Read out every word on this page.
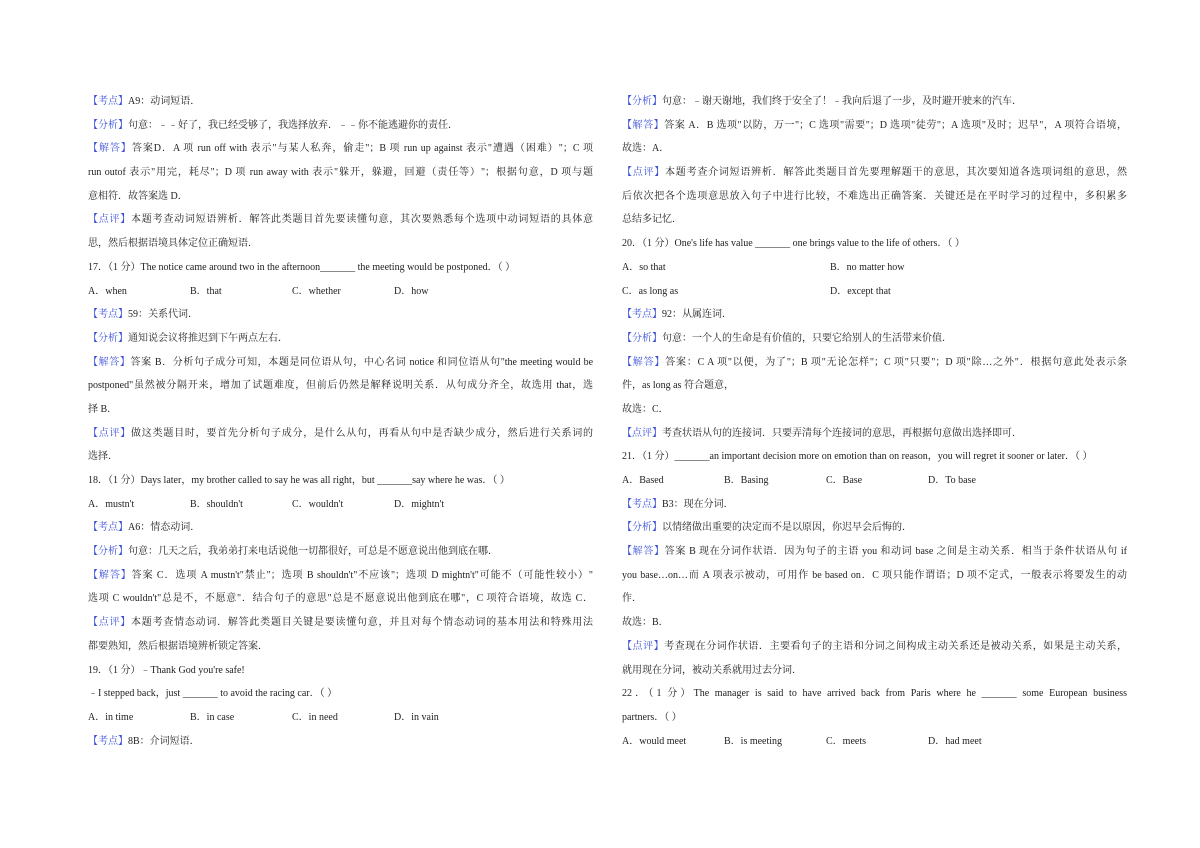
【考点】A9：动词短语．
【分析】句意：﹣﹣好了，我已经受够了，我选择放弃．﹣﹣你不能逃避你的责任．
【解答】答案D．A 项 run off with 表示"与某人私奔，偷走"；B 项 run up against 表示"遭遇（困难）"；C 项
run outof 表示"用完，耗尽"；D 项 run away with 表示"躲开，躲避，回避（责任等）"；根据句意，D 项与题
意相符．故答案选 D．
【点评】本题考查动词短语辨析．解答此类题目首先要读懂句意，其次要熟悉每个选项中动词短语的具体意
思，然后根据语境具体定位正确短语．
17．（1 分）The notice came around two in the afternoon_______ the meeting would be postponed．（ ）
A．when	B．that	C．whether	D．how
【考点】59：关系代词．
【分析】通知说会议将推迟到下午两点左右．
【解答】答案 B．分析句子成分可知，本题是同位语从句，中心名词 notice 和同位语从句"the meeting would be
postponed"虽然被分隔开来，增加了试题难度，但前后仍然是解释说明关系．从句成分齐全，故选用 that，选
择 B．
【点评】做这类题目时，要首先分析句子成分，是什么从句，再看从句中是否缺少成分，然后进行关系词的
选择．
18．（1 分）Days later，my brother called to say he was all right，but _______say where he was．（ ）
A．mustn't	B．shouldn't	C．wouldn't	D．mightn't
【考点】A6：情态动词．
【分析】句意：几天之后，我弟弟打来电话说他一切都很好，可总是不愿意说出他到底在哪．
【解答】答案 C．选项 A mustn't"禁止"；选项 B shouldn't"不应该"；选项 D mightn't"可能不（可能性较小）"
选项 C wouldn't"总是不，不愿意"．结合句子的意思"总是不愿意说出他到底在哪"，C 项符合语境，故选 C．
【点评】本题考查情态动词．解答此类题目关键是要读懂句意，并且对每个情态动词的基本用法和特殊用法
都要熟知，然后根据语境辨析锁定答案．
19．（1 分）﹣Thank God you're safe!
﹣I stepped back，just _______ to avoid the racing car．（ ）
A．in time	B．in case	C．in need	D．in vain
【考点】8B：介词短语．
【分析】句意：﹣谢天谢地，我们终于安全了！﹣我向后退了一步，及时避开驶来的汽车．
【解答】答案 A．B 选项"以防，万一"；C 选项"需要"；D 选项"徒劳"；A 选项"及时；迟早"，A 项符合语境，
故选：A．
【点评】本题考查介词短语辨析．解答此类题目首先要理解题干的意思，其次要知道各选项词组的意思，然
后依次把各个选项意思放入句子中进行比较，不难选出正确答案．关键还是在平时学习的过程中，多积累多
总结多记忆．
20．（1 分）One's life has value _______ one brings value to the life of others．（ ）
A．so that	B．no matter how
C．as long as	D．except that
【考点】92：从属连词．
【分析】句意：一个人的生命是有价值的，只要它给别人的生活带来价值．
【解答】答案：C A 项"以便，为了"；B 项"无论怎样"；C 项"只要"；D 项"除…之外"．根据句意此处表示条
件，as long as 符合题意，
故选：C．
【点评】考查状语从句的连接词．只要弄清每个连接词的意思，再根据句意做出选择即可．
21．（1 分）_______an important decision more on emotion than on reason，you will regret it sooner or later．（ ）
A．Based	B．Basing	C．Base	D．To base
【考点】B3：现在分词．
【分析】以情绪做出重要的决定而不是以原因，你迟早会后悔的．
【解答】答案 B 现在分词作状语．因为句子的主语 you 和动词 base 之间是主动关系．相当于条件状语从句 if
you base…on…而 A 项表示被动，可用作 be based on．C 项只能作谓语；D 项不定式，一般表示将要发生的动
作．
故选：B．
【点评】考查现在分词作状语．主要看句子的主语和分词之间构成主动关系还是被动关系，如果是主动关系，
就用现在分词，被动关系就用过去分词．
22．（1 分）The manager is said to have arrived back from Paris where he _______ some European business
partners．（ ）
A．would meet	B．is meeting	C．meets	D．had meet
